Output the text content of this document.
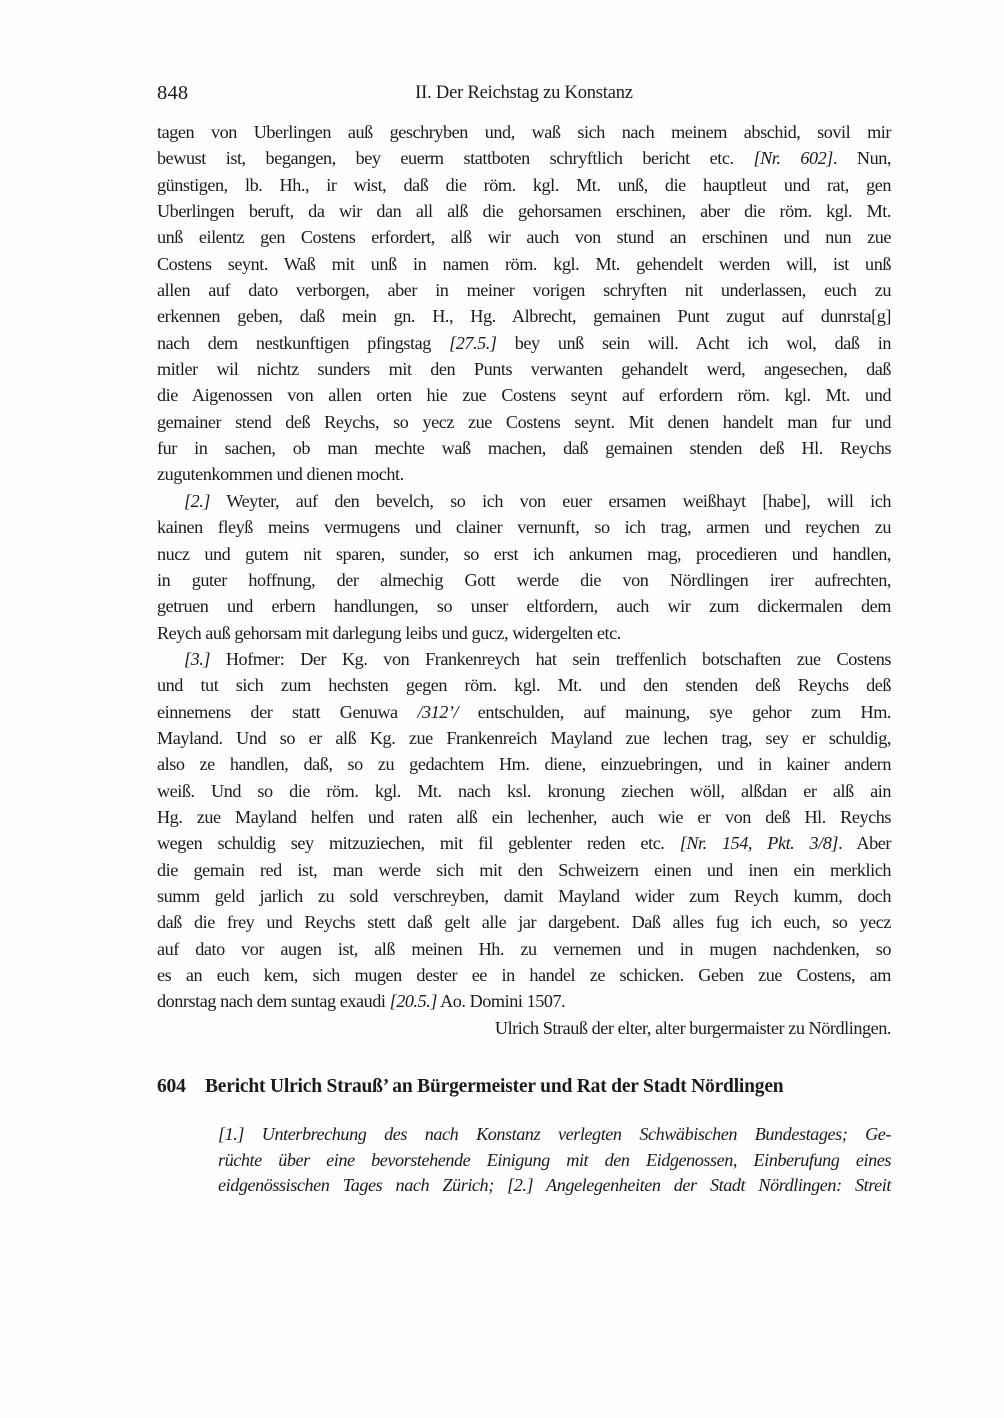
848	II. Der Reichstag zu Konstanz
tagen von Uberlingen auß geschryben und, waß sich nach meinem abschid, sovil mir
bewust ist, begangen, bey euerm stattboten schryftlich bericht etc. [Nr. 602]. Nun,
günstigen, lb. Hh., ir wist, daß die röm. kgl. Mt. unß, die hauptleut und rat, gen
Uberlingen beruft, da wir dan all alß die gehorsamen erschinen, aber die röm. kgl. Mt.
unß eilentz gen Costens erfordert, alß wir auch von stund an erschinen und nun zue
Costens seynt. Waß mit unß in namen röm. kgl. Mt. gehendelt werden will, ist unß
allen auf dato verborgen, aber in meiner vorigen schryften nit underlassen, euch zu
erkennen geben, daß mein gn. H., Hg. Albrecht, gemainen Punt zugut auf dunrsta[g]
nach dem nestkunftigen pfingstag [27.5.] bey unß sein will. Acht ich wol, daß in
mitler wil nichtz sunders mit den Punts verwanten gehandelt werd, angesechen, daß
die Aigenossen von allen orten hie zue Costens seynt auf erfordern röm. kgl. Mt. und
gemainer stend deß Reychs, so yecz zue Costens seynt. Mit denen handelt man fur und
fur in sachen, ob man mechte waß machen, daß gemainen stenden deß Hl. Reychs
zugutenkommen und dienen mocht.
[2.] Weyter, auf den bevelch, so ich von euer ersamen weißhayt [habe], will ich
kainen fleyß meins vermugens und clainer vernunft, so ich trag, armen und reychen zu
nucz und gutem nit sparen, sunder, so erst ich ankumen mag, procedieren und handlen,
in guter hoffnung, der almechig Gott werde die von Nördlingen irer aufrechten,
getruen und erbern handlungen, so unser eltfordern, auch wir zum dickermalen dem
Reych auß gehorsam mit darlegung leibs und gucz, widergelten etc.
[3.] Hofmer: Der Kg. von Frankenreych hat sein treffenlich botschaften zue Costens
und tut sich zum hechsten gegen röm. kgl. Mt. und den stenden deß Reychs deß
einnemens der statt Genuwa /312’/ entschulden, auf mainung, sye gehor zum Hm.
Mayland. Und so er alß Kg. zue Frankenreich Mayland zue lechen trag, sey er schuldig,
also ze handlen, daß, so zu gedachtem Hm. diene, einzuebringen, und in kainer andern
weiß. Und so die röm. kgl. Mt. nach ksl. kronung ziechen wöll, alßdan er alß ain
Hg. zue Mayland helfen und raten alß ein lechenher, auch wie er von deß Hl. Reychs
wegen schuldig sey mitzuziechen, mit fil geblenter reden etc. [Nr. 154, Pkt. 3/8]. Aber
die gemain red ist, man werde sich mit den Schweizern einen und inen ein merklich
summ geld jarlich zu sold verschreyben, damit Mayland wider zum Reych kumm, doch
daß die frey und Reychs stett daß gelt alle jar dargebent. Daß alles fug ich euch, so yecz
auf dato vor augen ist, alß meinen Hh. zu vernemen und in mugen nachdenken, so
es an euch kem, sich mugen dester ee in handel ze schicken. Geben zue Costens, am
donrstag nach dem suntag exaudi [20.5.] Ao. Domini 1507.
Ulrich Strauß der elter, alter burgermaister zu Nördlingen.
604 Bericht Ulrich Strauß’ an Bürgermeister und Rat der Stadt Nördlingen
[1.] Unterbrechung des nach Konstanz verlegten Schwäbischen Bundestages; Ge-
rüchte über eine bevorstehende Einigung mit den Eidgenossen, Einberufung eines
eidgenössischen Tages nach Zürich; [2.] Angelegenheiten der Stadt Nördlingen: Streit
